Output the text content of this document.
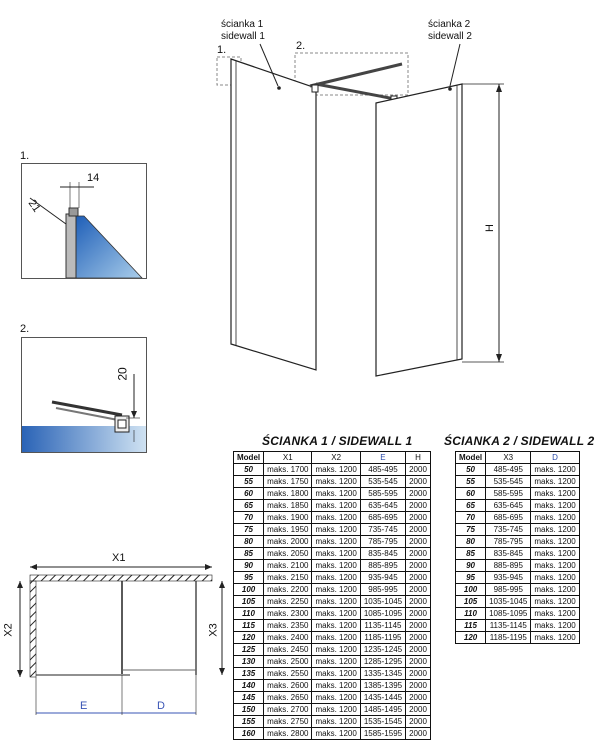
ścianka 1
sidewall 1
ścianka 2
sidewall 2
1.	2.
H
1.
14
21
2.
20
X1
X2	X3
E	D
ŚCIANKA 1 / SIDEWALL 1
Model	X1	X2	E	H
50	maks. 1700	maks. 1200	485-495	2000
55	maks. 1750	maks. 1200	535-545	2000
60	maks. 1800	maks. 1200	585-595	2000
65	maks. 1850	maks. 1200	635-645	2000
70	maks. 1900	maks. 1200	685-695	2000
75	maks. 1950	maks. 1200	735-745	2000
80	maks. 2000	maks. 1200	785-795	2000
85	maks. 2050	maks. 1200	835-845	2000
90	maks. 2100	maks. 1200	885-895	2000
95	maks. 2150	maks. 1200	935-945	2000
100	maks. 2200	maks. 1200	985-995	2000
105	maks. 2250	maks. 1200	1035-1045	2000
110	maks. 2300	maks. 1200	1085-1095	2000
115	maks. 2350	maks. 1200	1135-1145	2000
120	maks. 2400	maks. 1200	1185-1195	2000
125	maks. 2450	maks. 1200	1235-1245	2000
130	maks. 2500	maks. 1200	1285-1295	2000
135	maks. 2550	maks. 1200	1335-1345	2000
140	maks. 2600	maks. 1200	1385-1395	2000
145	maks. 2650	maks. 1200	1435-1445	2000
150	maks. 2700	maks. 1200	1485-1495	2000
155	maks. 2750	maks. 1200	1535-1545	2000
160	maks. 2800	maks. 1200	1585-1595	2000
ŚCIANKA 2 / SIDEWALL 2
Model	X3	D
50	485-495	maks. 1200
55	535-545	maks. 1200
60	585-595	maks. 1200
65	635-645	maks. 1200
70	685-695	maks. 1200
75	735-745	maks. 1200
80	785-795	maks. 1200
85	835-845	maks. 1200
90	885-895	maks. 1200
95	935-945	maks. 1200
100	985-995	maks. 1200
105	1035-1045	maks. 1200
110	1085-1095	maks. 1200
115	1135-1145	maks. 1200
120	1185-1195	maks. 1200
